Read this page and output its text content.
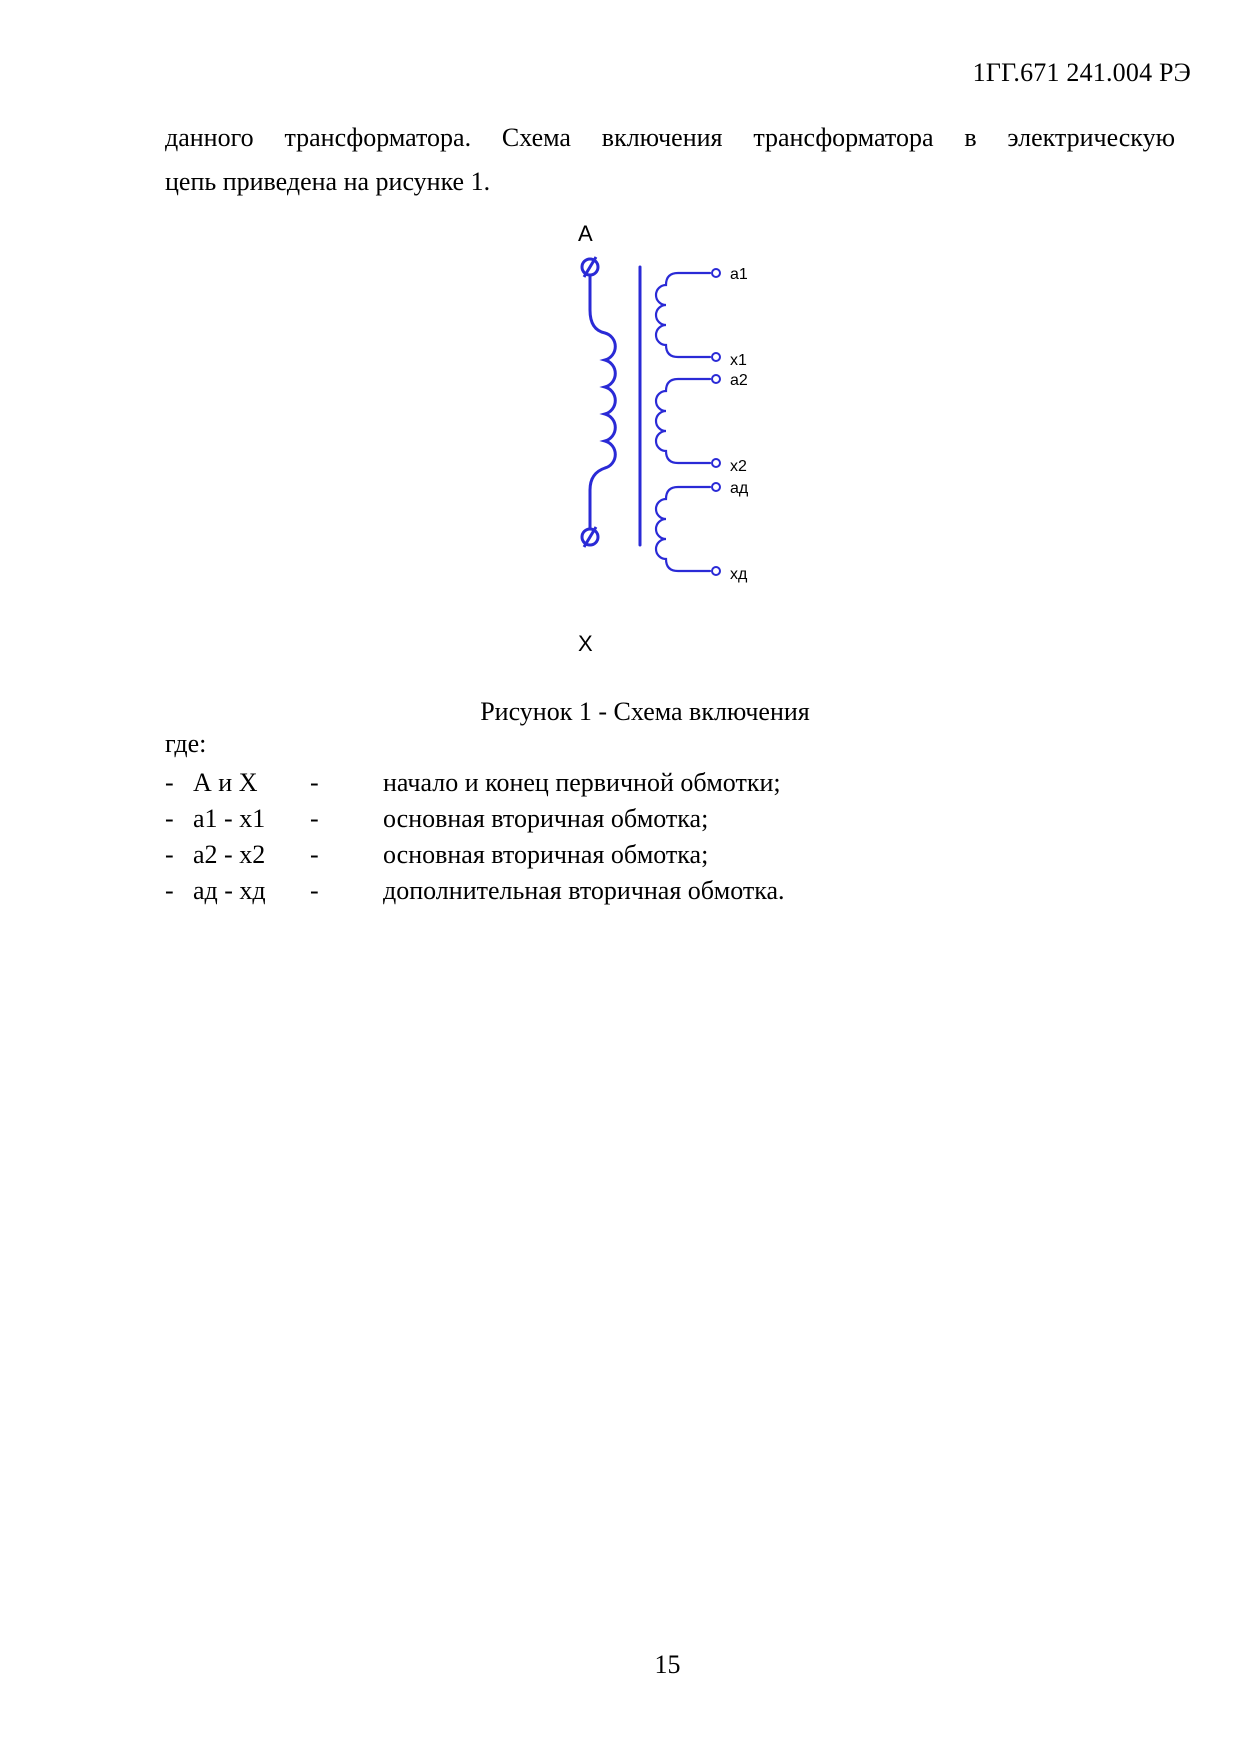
1ГГ.671 241.004 РЭ

данного трансформатора. Схема включения трансформатора в электрическую
цепь приведена на рисунке 1.

А
Х
а1
х1
а2
х2
ад
хд
Рисунок 1 - Схема включения
где:
- А и Х - начало и конец первичной обмотки;
- а1 - х1 - основная вторичная обмотка;
- а2 - х2 - основная вторичная обмотка;
- ад - хд - дополнительная вторичная обмотка.
15
